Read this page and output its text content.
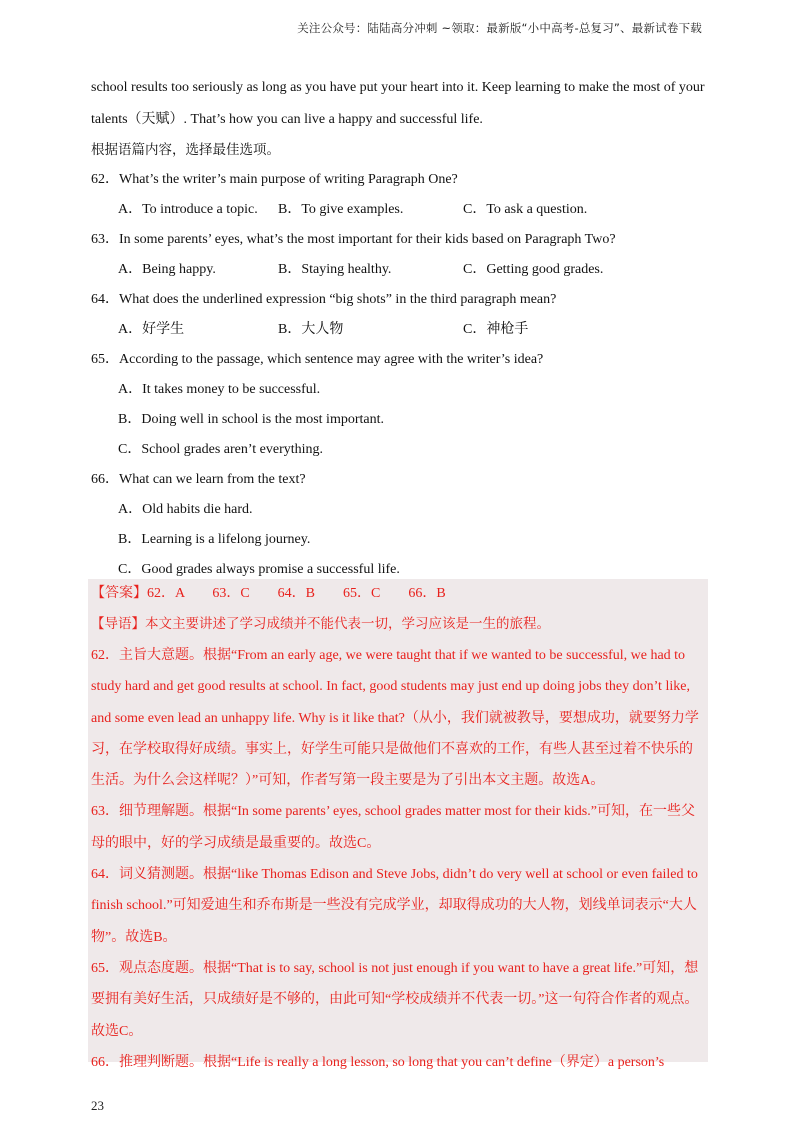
关注公众号：陆陆高分冲刺 ~领取：最新版“小中高考-总复习”、最新试卷下载
school results too seriously as long as you have put your heart into it. Keep learning to make the most of your
talents（天赋）. That’s how you can live a happy and successful life.
根据语篇内容，选择最佳选项。
62．What’s the writer’s main purpose of writing Paragraph One?
A．To introduce a topic.	B．To give examples.	C．To ask a question.
63．In some parents’ eyes, what’s the most important for their kids based on Paragraph Two?
A．Being happy.	B．Staying healthy.	C．Getting good grades.
64．What does the underlined expression “big shots” in the third paragraph mean?
A．好学生	B．大人物	C．神枪手
65．According to the passage, which sentence may agree with the writer’s idea?
A．It takes money to be successful.
B．Doing well in school is the most important.
C．School grades aren’t everything.
66．What can we learn from the text?
A．Old habits die hard.
B．Learning is a lifelong journey.
C．Good grades always promise a successful life.
【答案】62．A　　63．C　　64．B　　65．C　　66．B
【导语】本文主要讲述了学习成绩并不能代表一切，学习应该是一生的旅程。
62．主旨大意题。根据“From an early age, we were taught that if we wanted to be successful, we had to study hard and get good results at school. In fact, good students may just end up doing jobs they don’t like, and some even lead an unhappy life. Why is it like that?（从小，我们就被教导，要想成功，就要努力学习，在学校取得好成绩。事实上，好学生可能只是做他们不喜欢的工作，有些人甚至过着不快乐的生活。为什么会这样呢？）”可知，作者写第一段主要是为了引出本文主题。故选A。
63．细节理解题。根据“In some parents’ eyes, school grades matter most for their kids.”可知，在一些父母的眼中，好的学习成绩是最重要的。故选C。
64．词义猜测题。根据“like Thomas Edison and Steve Jobs, didn’t do very well at school or even failed to finish school.”可知爱迪生和乔布斯是一些没有完成学业，却取得成功的大人物，划线单词表示“大人物”。故选B。
65．观点态度题。根据“That is to say, school is not just enough if you want to have a great life.”可知，想要拥有美好生活，只成绩好是不够的，由此可知“学校成绩并不代表一切。”这一句符合作者的观点。故选C。
66．推理判断题。根据“Life is really a long lesson, so long that you can’t define（界定）a person’s
23
